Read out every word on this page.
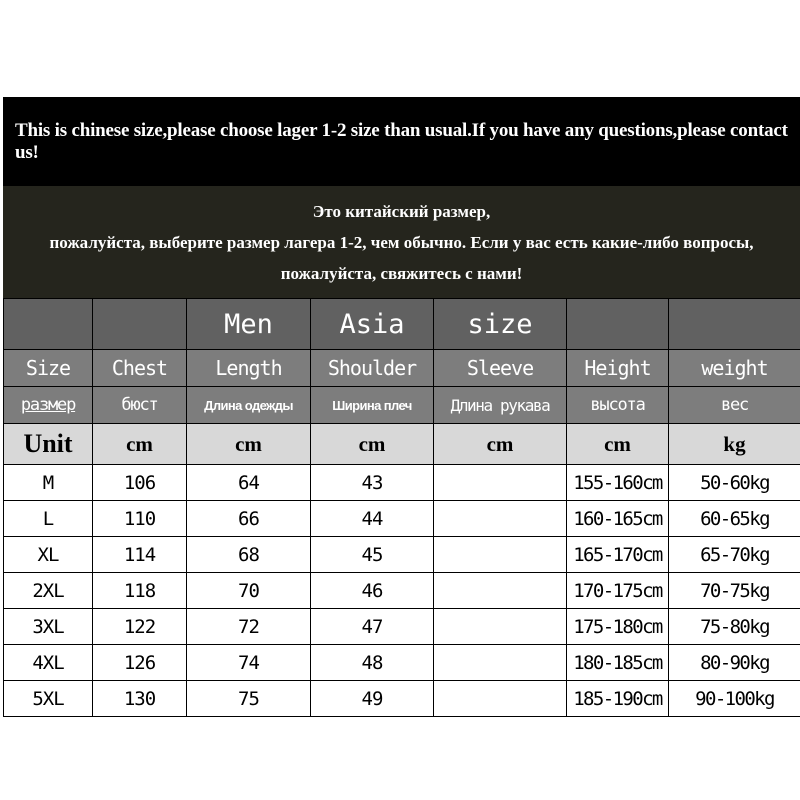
This is chinese size,please choose lager 1-2 size than usual.If you have any questions,please contact us!
Это китайский размер,
пожалуйста, выберите размер лагера 1-2, чем обычно. Если у вас есть какие-либо вопросы,
пожалуйста, свяжитесь с нами!
		Men	Asia	size		
Size	Chest	Length	Shoulder	Sleeve	Height	weight
размер	бюст	Длина одежды	Ширина плеч	Длина рукава	высота	вес
Unit	cm	cm	cm	cm	cm	kg
M	106	64	43		155-160cm	50-60kg
L	110	66	44		160-165cm	60-65kg
XL	114	68	45		165-170cm	65-70kg
2XL	118	70	46		170-175cm	70-75kg
3XL	122	72	47		175-180cm	75-80kg
4XL	126	74	48		180-185cm	80-90kg
5XL	130	75	49		185-190cm	90-100kg
